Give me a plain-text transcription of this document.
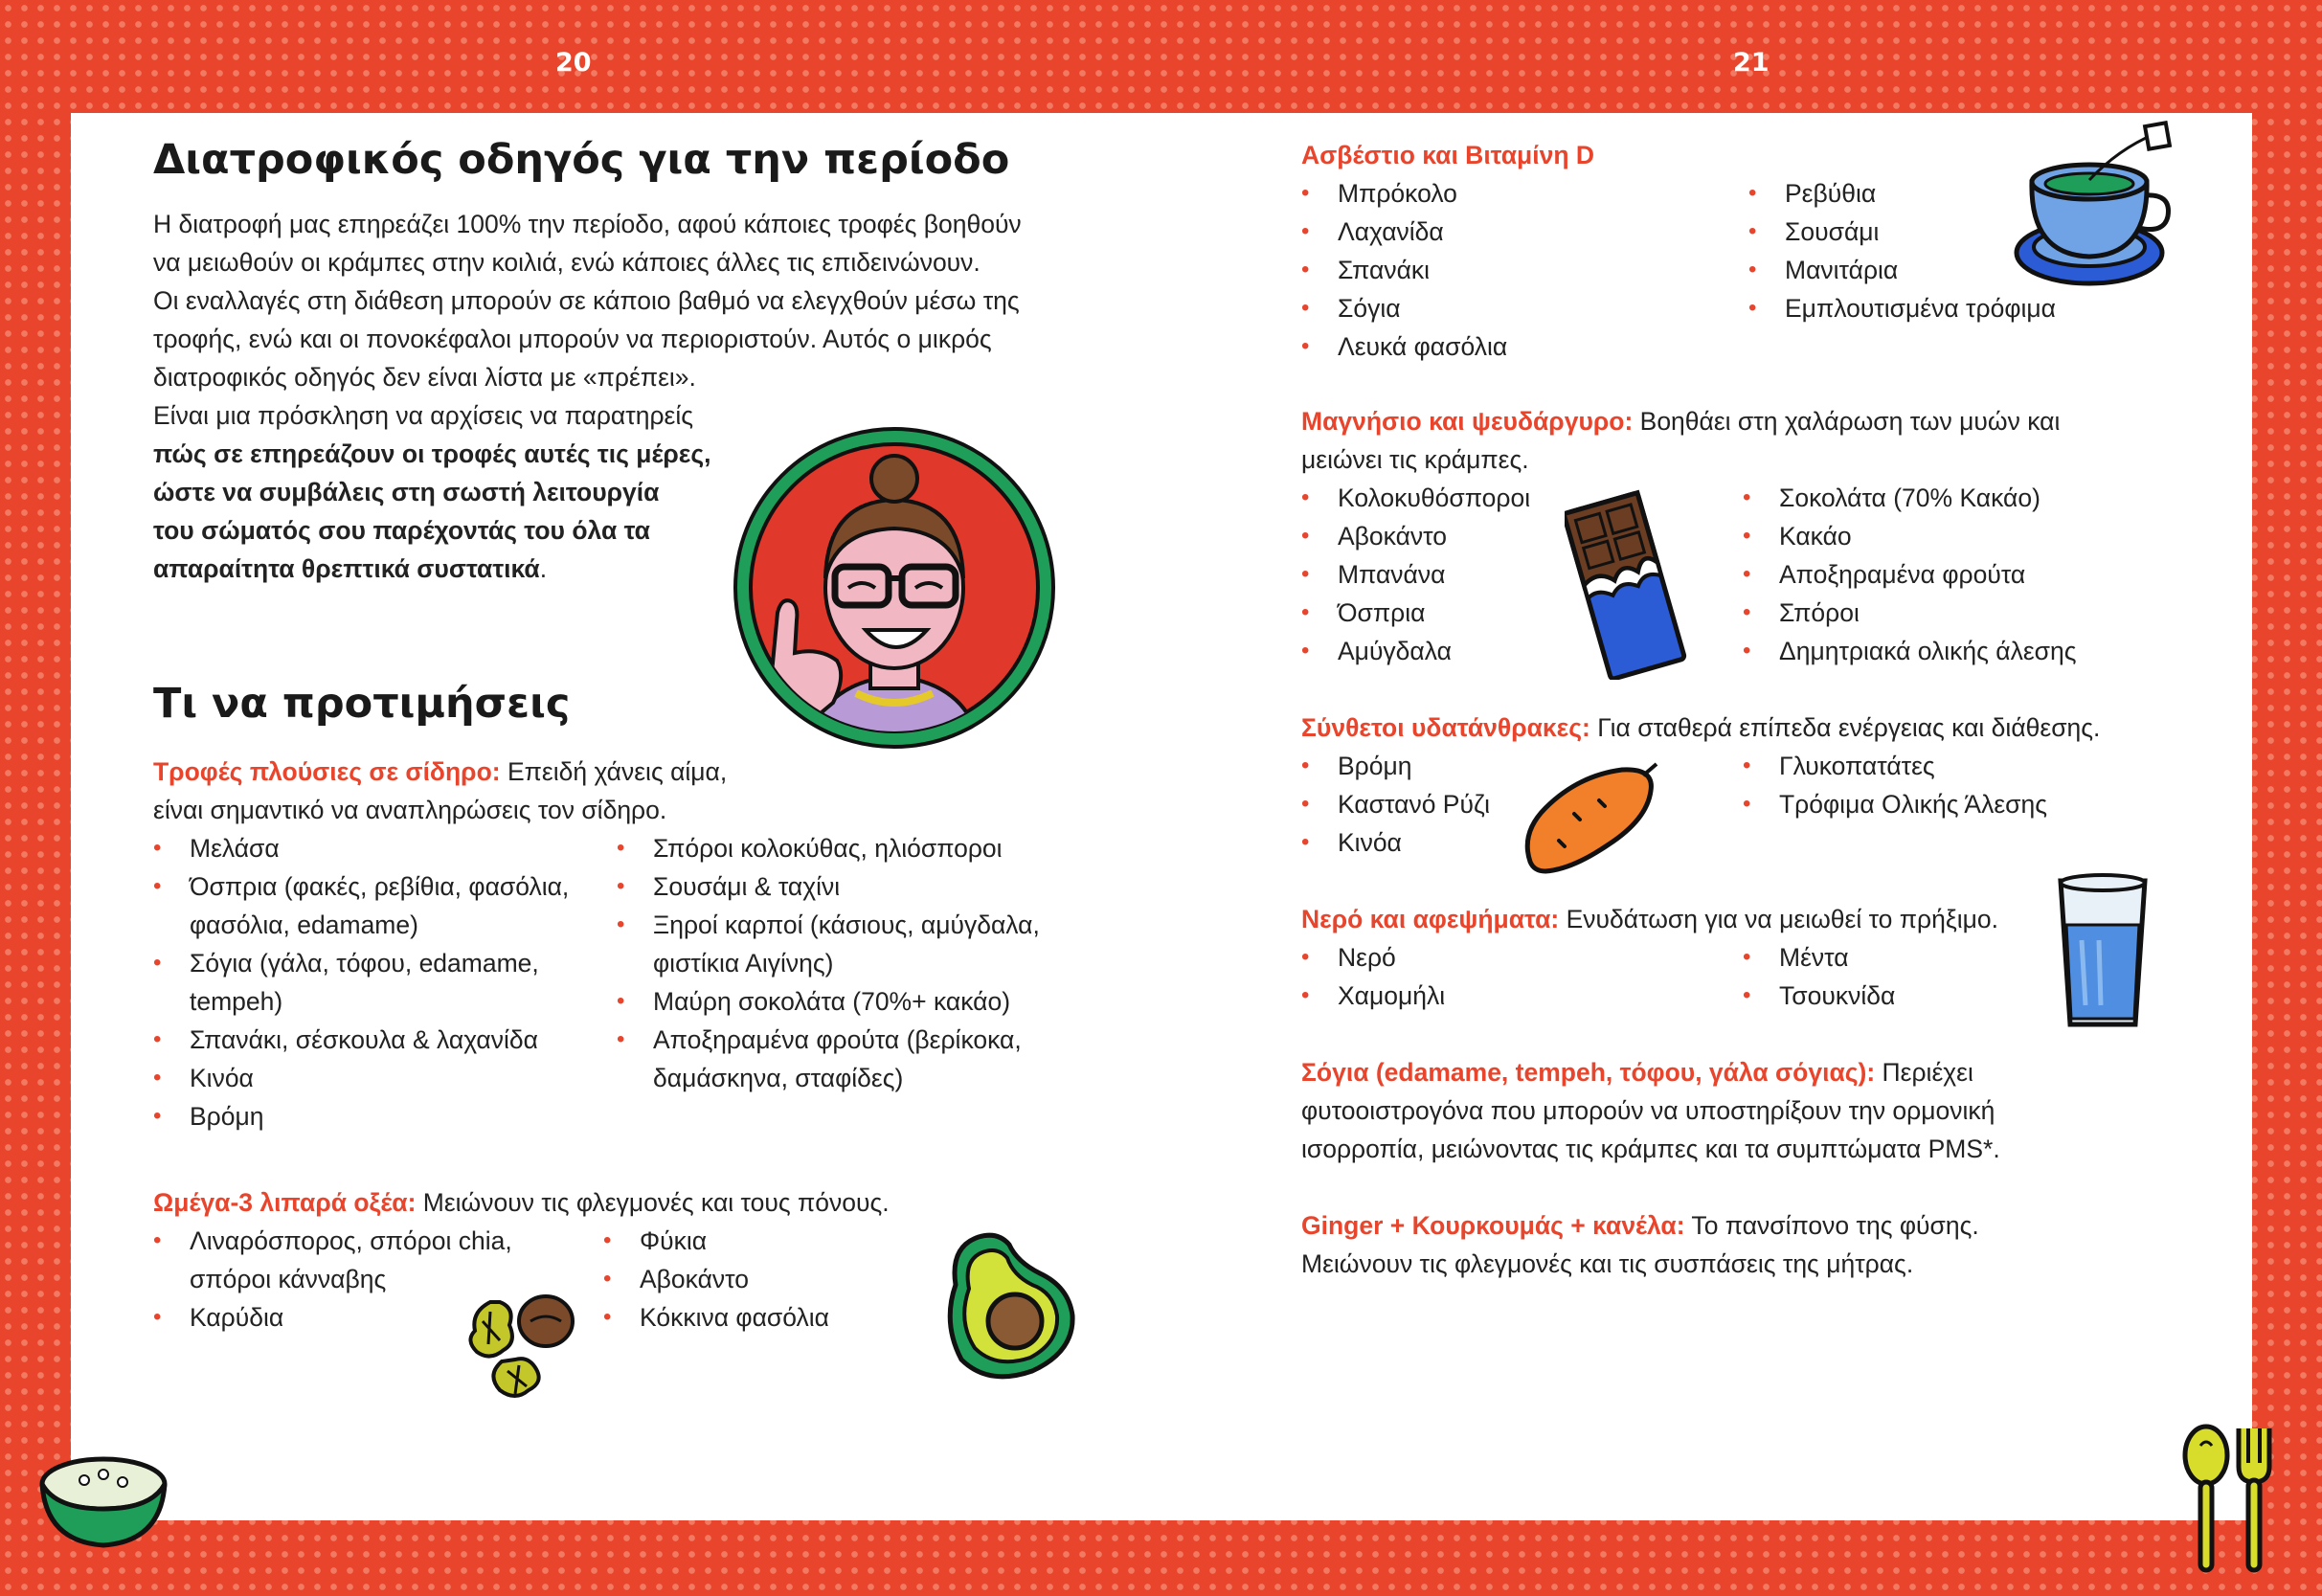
20	21
Διατροφικός οδηγός για την περίοδο

Η διατροφή μας επηρεάζει 100% την περίοδο, αφού κάποιες τροφές βοηθούν

να μειωθούν οι κράμπες στην κοιλιά, ενώ κάποιες άλλες τις επιδεινώνουν.

Οι εναλλαγές στη διάθεση μπορούν σε κάποιο βαθμό να ελεγχθούν μέσω της

τροφής, ενώ και οι πονοκέφαλοι μπορούν να περιοριστούν. Αυτός ο μικρός

διατροφικός οδηγός δεν είναι λίστα με «πρέπει».

Είναι μια πρόσκληση να αρχίσεις να παρατηρείς

πώς σε επηρεάζουν οι τροφές αυτές τις μέρες,

ώστε να συμβάλεις στη σωστή λειτουργία

του σώματός σου παρέχοντάς του όλα τα

απαραίτητα θρεπτικά συστατικά.

Τι να προτιμήσεις

Τροφές πλούσιες σε σίδηρο: Επειδή χάνεις αίμα,

είναι σημαντικό να αναπληρώσεις τον σίδηρο.

• Μελάσα
• Όσπρια (φακές, ρεβίθια, φασόλια,
φασόλια, edamame)
• Σόγια (γάλα, τόφου, edamame,
tempeh)
• Σπανάκι, σέσκουλα & λαχανίδα
• Κινόα
• Βρόμη
• Σπόροι κολοκύθας, ηλιόσποροι
• Σουσάμι & ταχίνι
• Ξηροί καρποί (κάσιους, αμύγδαλα,
φιστίκια Αιγίνης)
• Μαύρη σοκολάτα (70%+ κακάο)
• Αποξηραμένα φρούτα (βερίκοκα,
δαμάσκηνα, σταφίδες)

Ωμέγα-3 λιπαρά οξέα: Μειώνουν τις φλεγμονές και τους πόνους.

• Λιναρόσπορος, σπόροι chia,
σπόροι κάνναβης
• Καρύδια
• Φύκια
• Αβοκάντο
• Κόκκινα φασόλια

Ασβέστιο και Βιταμίνη D

• Μπρόκολο
• Λαχανίδα
• Σπανάκι
• Σόγια
• Λευκά φασόλια
• Ρεβύθια
• Σουσάμι
• Μανιτάρια
• Εμπλουτισμένα τρόφιμα

Μαγνήσιο και ψευδάργυρο: Βοηθάει στη χαλάρωση των μυών και

μειώνει τις κράμπες.

• Κολοκυθόσποροι
• Αβοκάντο
• Μπανάνα
• Όσπρια
• Αμύγδαλα
• Σοκολάτα (70% Κακάο)
• Κακάο
• Αποξηραμένα φρούτα
• Σπόροι
• Δημητριακά ολικής άλεσης

Σύνθετοι υδατάνθρακες: Για σταθερά επίπεδα ενέργειας και διάθεσης.

• Βρόμη
• Καστανό Ρύζι
• Κινόα
• Γλυκοπατάτες
• Τρόφιμα Ολικής Άλεσης

Νερό και αφεψήματα: Ενυδάτωση για να μειωθεί το πρήξιμο.

• Νερό
• Χαμομήλι
• Μέντα
• Τσουκνίδα

Σόγια (edamame, tempeh, τόφου, γάλα σόγιας): Περιέχει

φυτοοιστρογόνα που μπορούν να υποστηρίξουν την ορμονική

ισορροπία, μειώνοντας τις κράμπες και τα συμπτώματα PMS*.

Ginger + Κουρκουμάς + κανέλα: Το πανσίπονο της φύσης.

Μειώνουν τις φλεγμονές και τις συσπάσεις της μήτρας.
